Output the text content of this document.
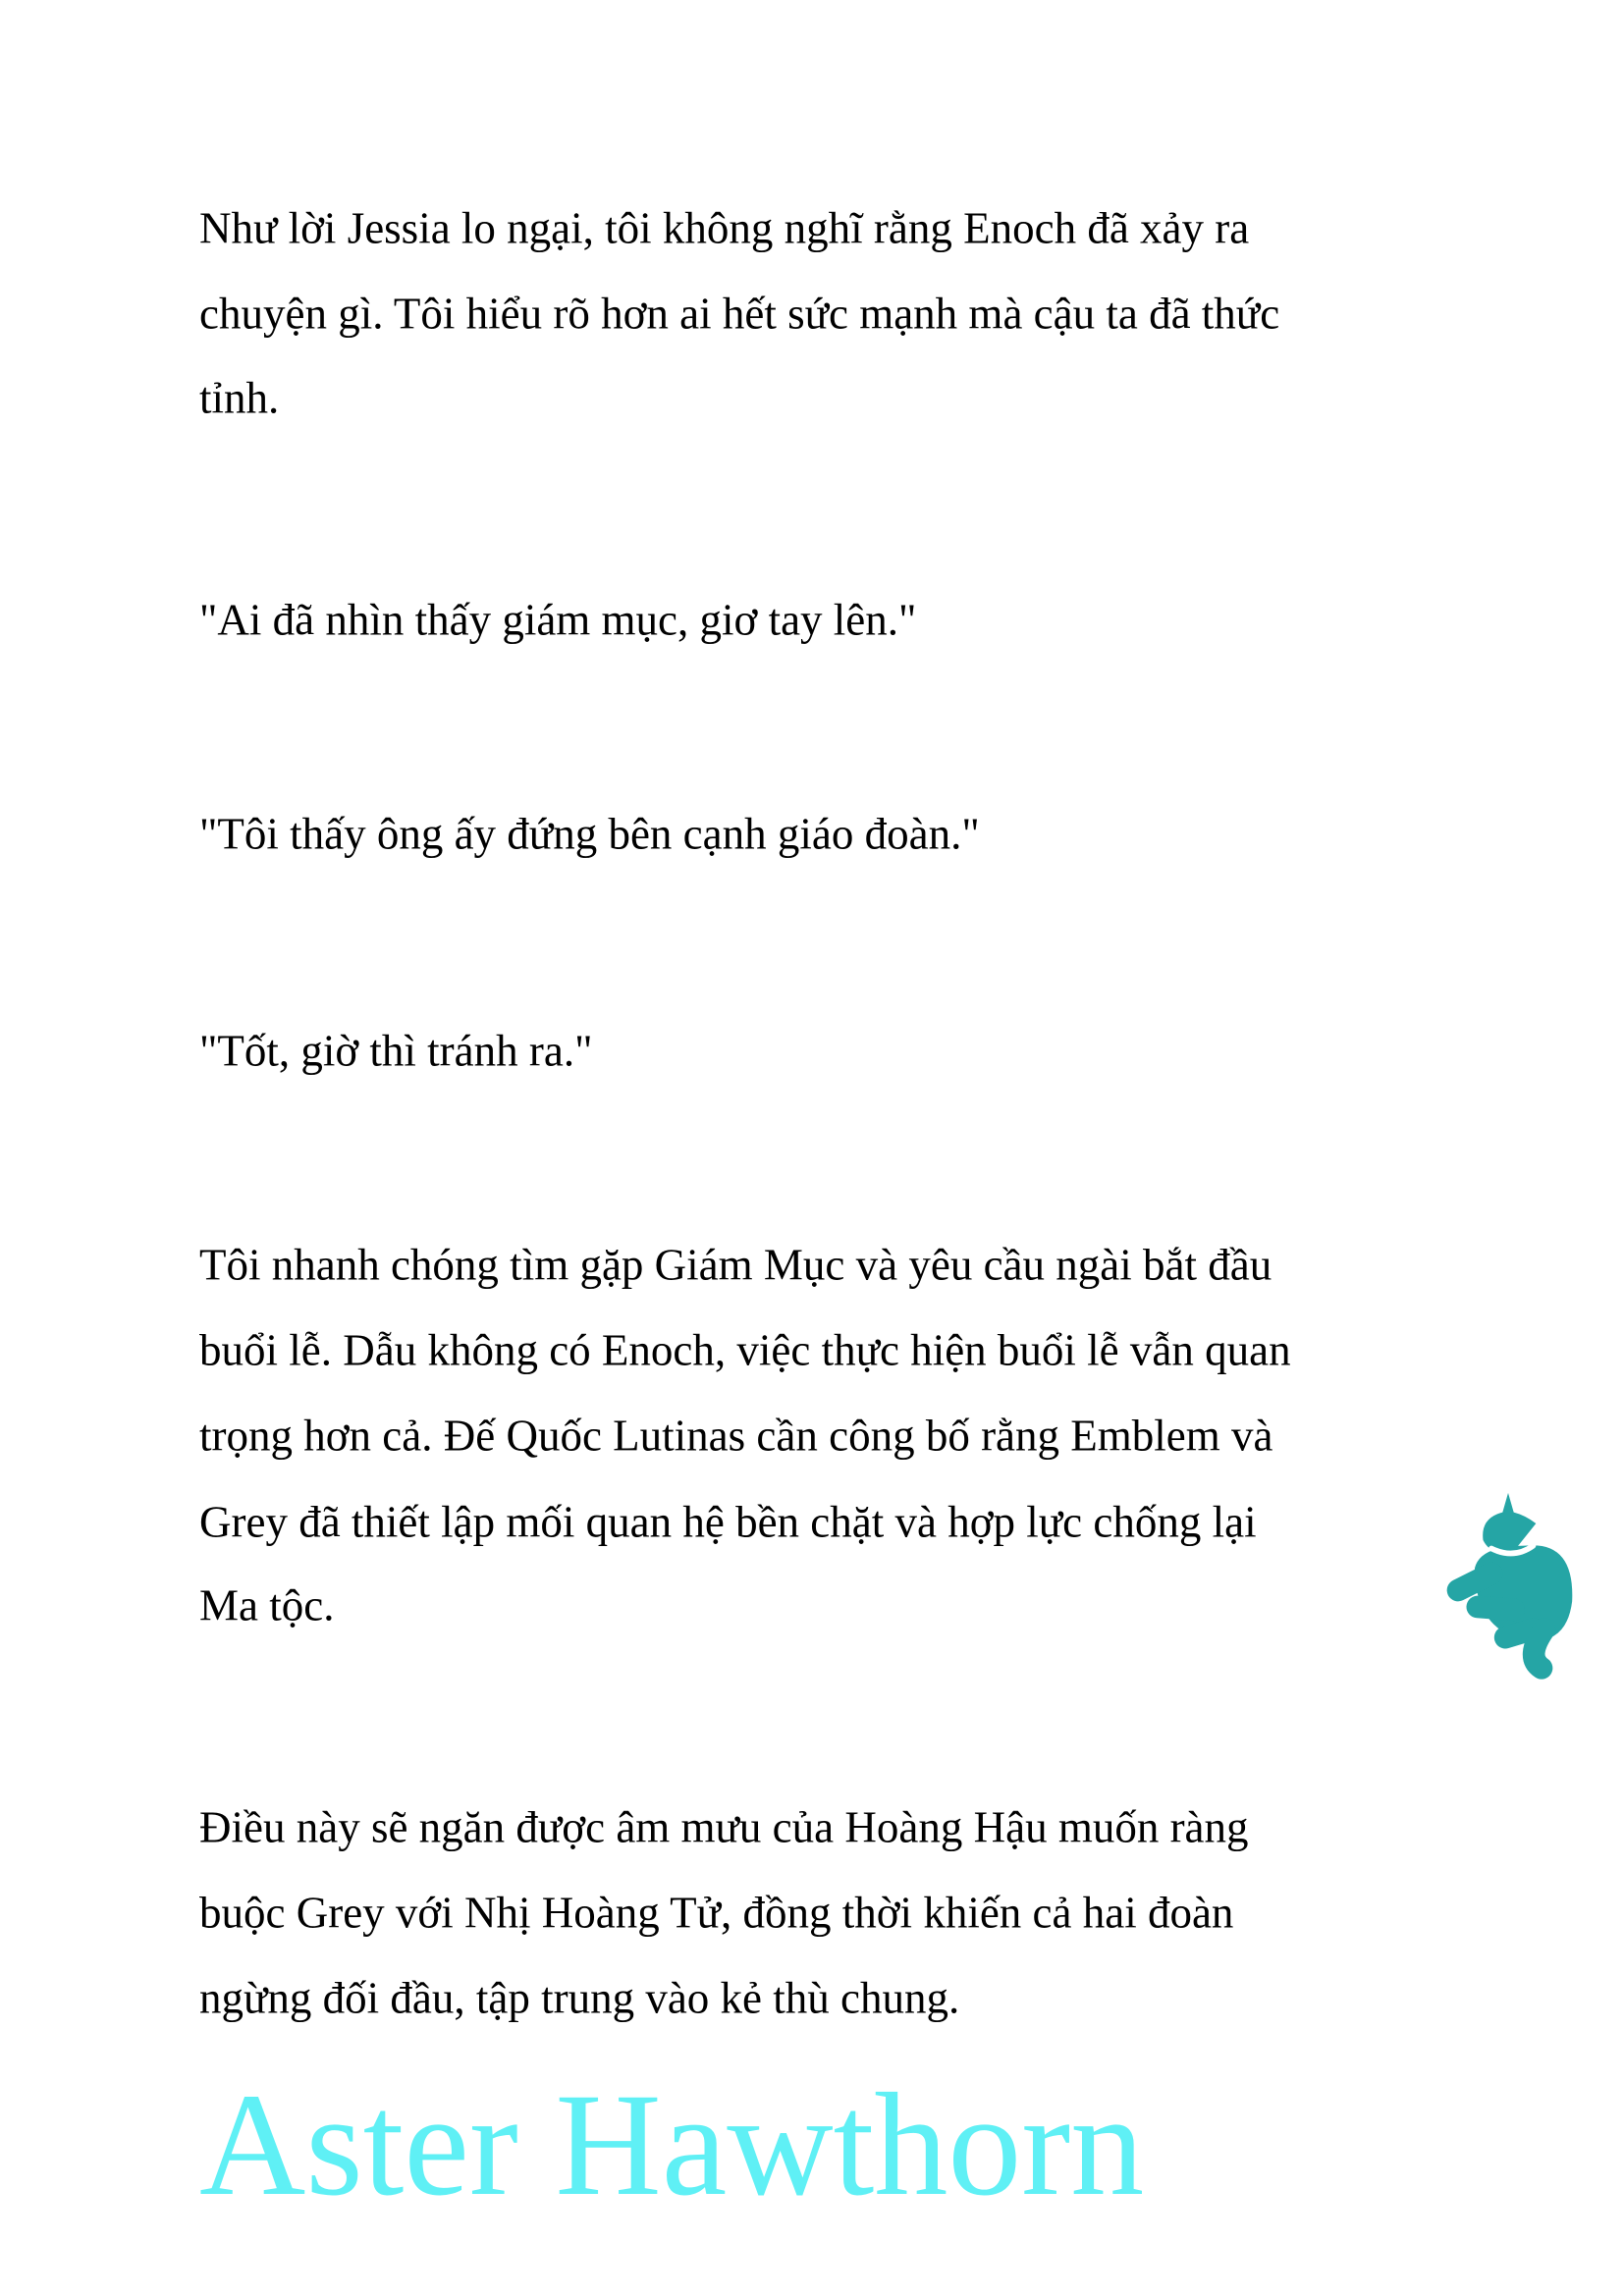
Như lời Jessia lo ngại, tôi không nghĩ rằng Enoch đã xảy ra
chuyện gì. Tôi hiểu rõ hơn ai hết sức mạnh mà cậu ta đã thức
tỉnh.
"Ai đã nhìn thấy giám mục, giơ tay lên."
"Tôi thấy ông ấy đứng bên cạnh giáo đoàn."
"Tốt, giờ thì tránh ra."
Tôi nhanh chóng tìm gặp Giám Mục và yêu cầu ngài bắt đầu
buổi lễ. Dẫu không có Enoch, việc thực hiện buổi lễ vẫn quan
trọng hơn cả. Đế Quốc Lutinas cần công bố rằng Emblem và
Grey đã thiết lập mối quan hệ bền chặt và hợp lực chống lại
Ma tộc.
Điều này sẽ ngăn được âm mưu của Hoàng Hậu muốn ràng
buộc Grey với Nhị Hoàng Tử, đồng thời khiến cả hai đoàn
ngừng đối đầu, tập trung vào kẻ thù chung.
Aster Hawthorn
